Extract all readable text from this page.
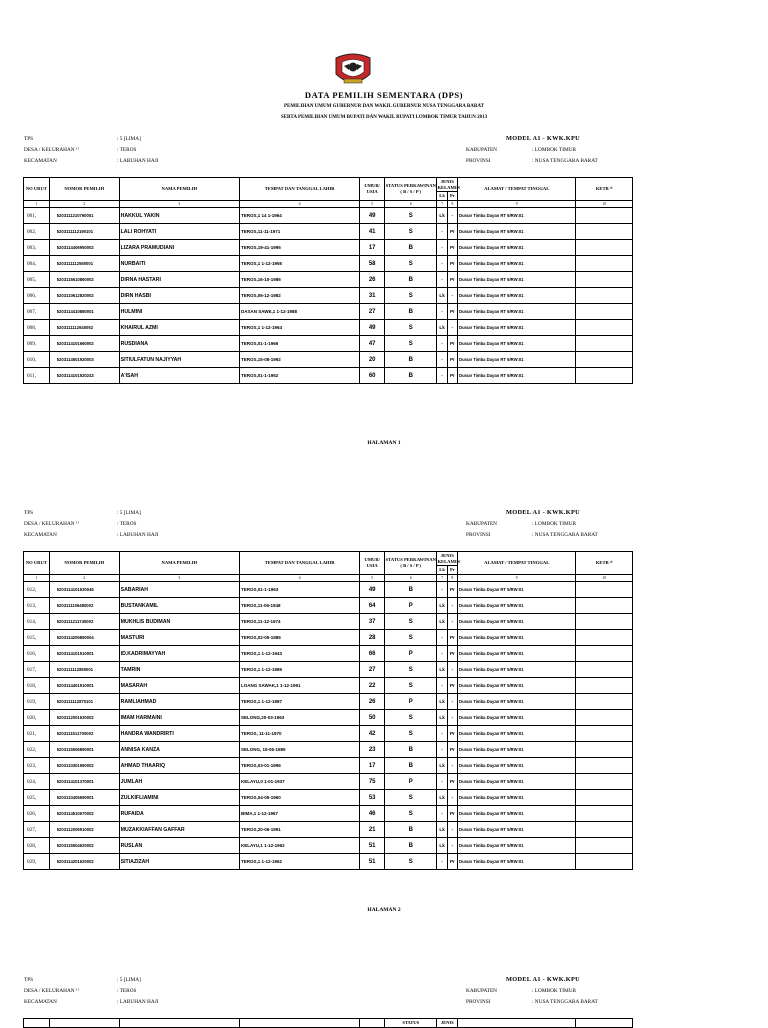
DATA PEMILIH SEMENTARA (DPS)
PEMILIHAN UMUM GUBERNUR DAN WAKIL GUBERNUR NUSA TENGGARA BARAT
SERTA PEMILIHAN UMUM BUPATI DAN WAKIL BUPATI LOMBOK TIMUR TAHUN 2013
TPS	: 5 [LIMA]
DESA / KELURAHAN ¹⁾	: TEROS
KECAMATAN	: LABUHAN HAJI
MODEL A1 - KWK.KPU
KABUPATEN	: LOMBOK TIMUR
PROVINSI	: NUSA TENGGARA BARAT
NO URUT	NOMOR PEMILIH	NAMA PEMILIH	TEMPAT DAN TANGGAL LAHIR	UMUR/ USIA	STATUS PERKAWINAN ( B / S / P )	JENIS KELAMIN		ALAMAT / TEMPAT TINGGAL	KETR ²⁾
						Lk	Pr		
1	2	3	4	5	6	7	8	9	10
001,	5203111210760001	HAKKUL YAKIN	TEROS,1 14 1-1964	49	S	Lk	-	Dusun Timba Dayan RT 5/RW:01	
002,	5203111112190101	LALI ROHYATI	TEROS,11-11-1971	41	S	-	Pr	Dusun Timba Dayan RT 5/RW:01	
003,	5203114406950002	LIZARA PRAMUDIANI	TEROS,19-41-1995	17	B	-	Pr	Dusun Timba Dayan RT 5/RW:01	
004,	5203111112550001	NURBAITI	TEROS,1 1-12-1955	58	S	-	Pr	Dusun Timba Dayan RT 5/RW:01	
005,	5203115610860002	DIRNA HASTARI	TEROS,16-10-1986	26	B	-	Pr	Dusun Timba Dayan RT 5/RW:01	
006,	5203110612820002	DIRN HASBI	TEROS,06-12-1982	31	S	Lk	-	Dusun Timba Dayan RT 5/RW:01	
007,	5203114410880001	HULMINI	DASAN SAWE,1 1-12-1988	27	B	-	Pr	Dusun Timba Dayan RT 5/RW:01	
008,	5203111112640052	KHAIRUL AZMI	TEROS,1 1-12-1964	49	S	Lk	-	Dusun Timba Dayan RT 5/RW:01	
009,	5203114101660002	RUSDIANA	TEROS,01-1-1966	47	S	-	Pr	Dusun Timba Dayan RT 5/RW:01	
010,	5203114501920003	SITIULFATUN NAJIYYAH	TEROS,15-08-1992	20	B	-	Pr	Dusun Timba Dayan RT 5/RW:01	
011,	5203114101520243	A'ISAH	TEROS,01-1-1952	60	B	-	Pr	Dusun Timba Dayan RT 5/RW:01	
HALAMAN 1
TPS	: 5 [LIMA]
DESA / KELURAHAN ¹⁾	: TEROS
KECAMATAN	: LABUHAN HAJI
MODEL A1 - KWK.KPU
KABUPATEN	: LOMBOK TIMUR
PROVINSI	: NUSA TENGGARA BARAT
NO URUT	NOMOR PEMILIH	NAMA PEMILIH	TEMPAT DAN TANGGAL LAHIR	UMUR/ USIA	STATUS PERKAWINAN ( B / S / P )	JENIS KELAMIN		ALAMAT / TEMPAT TINGGAL	KETR ²⁾
						Lk	Pr		
1	2	3	4	5	6	7	8	9	10
012,	5203114101630045	SABARIAH	TEROS,01-1-1963	49	B	-	Pr	Dusun Timba Dayan RT 5/RW:01	
013,	5203111106480002	BUSTANKAMIL	TEROS,11-06-1948	64	P	Lk	-	Dusun Timba Dayan RT 5/RW:01	
014,	5203111211740002	MUKHLIS BUDIMAN	TEROS,11-12-1974	37	S	Lk	-	Dusun Timba Dayan RT 5/RW:01	
015,	5203114205850004	MASTURI	TEROS,02-05-1985	28	S	-	Pr	Dusun Timba Dayan RT 5/RW:01	
016,	5203114101510001	ID.KADRIMAYYAH	TEROS,1 1-12-1943	66	P	-	Pr	Dusun Timba Dayan RT 5/RW:01	
017,	5203111112850001	TAMRIN	TEROS,1 1-12-1986	27	S	Lk	-	Dusun Timba Dayan RT 5/RW:01	
018,	5203114401910001	MASARAH	LOANG SAWAK,1 1-12-1991	22	S	-	Pr	Dusun Timba Dayan RT 5/RW:01	
019,	5203111112870101	RAMLIAHMAD	TEROS,1 1-12-1987	26	P	Lk	-	Dusun Timba Dayan RT 5/RW:01	
020,	5203112001630002	IMAM HARMAINI	SELONG,20-03-1963	50	S	Lk	-	Dusun Timba Dayan RT 5/RW:01	
021,	5203111511700002	HANDRA WANDRIRTI	TEROS, 11-11-1970	42	S	-	Pr	Dusun Timba Dayan RT 5/RW:01	
022,	5203115506890001	ANNISA KANZA	SELONG, 15-06-1989	23	B	-	Pr	Dusun Timba Dayan RT 5/RW:01	
023,	5203110301960002	AHMAD THAARIQ	TEROS,03-01-1996	17	B	Lk	-	Dusun Timba Dayan RT 5/RW:01	
024,	5203114101370001	JUMLAH	KELAYU,0 1-01-1937	75	P	-	Pr	Dusun Timba Dayan RT 5/RW:01	
025,	5203110405590001	ZULKIFLIAMINI	TEROS,04-05-1960	53	S	Lk	-	Dusun Timba Dayan RT 5/RW:01	
026,	5203114510670002	RUFAIDA	BIMA,1 1-12-1967	46	S	-	Pr	Dusun Timba Dayan RT 5/RW:01	
027,	5203112006910002	MUZAKKIAFFAN GAFFAR	TEROS,20-06-1991	21	B	Lk	-	Dusun Timba Dayan RT 5/RW:01	
028,	5203115504620002	RUSLAN	KELAYU,1 1-12-1962	51	B	Lk	-	Dusun Timba Dayan RT 5/RW:01	
029,	5203114201620002	SITIAZIZAH	TEROS,1 1-12-1962	51	S	-	Pr	Dusun Timba Dayan RT 5/RW:01	
HALAMAN 2
TPS	: 5 [LIMA]
DESA / KELURAHAN ¹⁾	: TEROS
KECAMATAN	: LABUHAN HAJI
MODEL A1 - KWK.KPU
KABUPATEN	: LOMBOK TIMUR
PROVINSI	: NUSA TENGGARA BARAT
					STATUS	JENIS		
